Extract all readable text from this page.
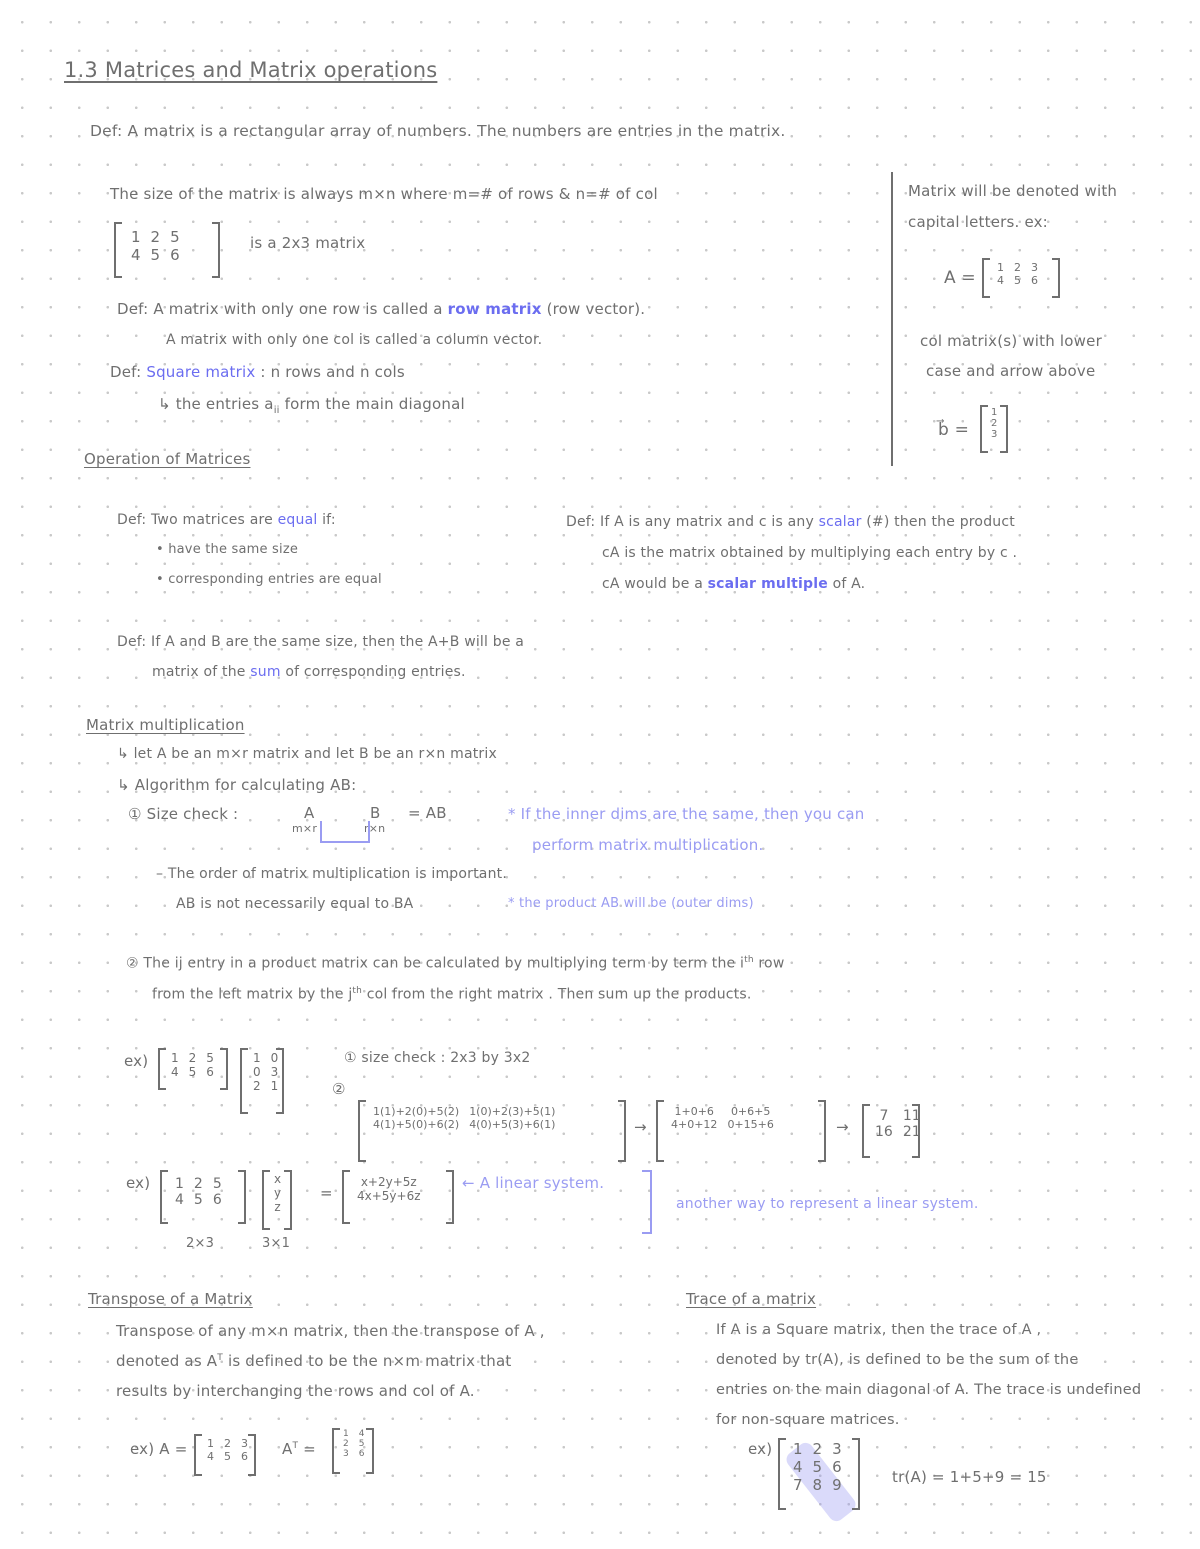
1.3 Matrices and Matrix operations
Def: A matrix is a rectangular array of numbers. The numbers are entries in the matrix.
The size of the matrix is always m×n where m=# of rows & n=# of col
1	2	5
4	5	6
is a 2x3 matrix
Def: A matrix with only one row is called a row matrix (row vector).
A matrix with only one col is called a column vector.
Def: Square matrix : n rows and n cols
↳ the entries $a_{ii}$ form the main diagonal
Matrix will be denoted with
capital letters. ex:
A =
1	2	3
4	5	6
col matrix(s) with lower
case and arrow above
b⃗ =
1
2
3
Operation of Matrices
Def: Two matrices are equal if:
• have the same size
• corresponding entries are equal
Def: If A is any matrix and c is any scalar (#) then the product
cA is the matrix obtained by multiplying each entry by c .
cA would be a scalar multiple of A.
Def: If A and B are the same size, then the A+B will be a
matrix of the sum of corresponding entries.
Matrix multiplication
↳ let A be an m×r matrix and let B be an r×n matrix
↳ Algorithm for calculating AB:
① Size check :	A	B = AB
m×r	r×n
* If the inner dims are the same, then you can
perform matrix multiplication.
– The order of matrix multiplication is important.
AB is not necessarily equal to BA	* the product AB will be (outer dims)
② The ij entry in a product matrix can be calculated by multiplying term by term the $i^{th}$ row
from the left matrix by the $j^{th}$ col from the right matrix . Then sum up the products.
ex) 1	2	5
4	5	6
1	0
0	3
2	1
① size check : 2x3 by 3x2
②
1(1)+2(0)+5(2)	1(0)+2(3)+5(1)
4(1)+5(0)+6(2)	4(0)+5(3)+6(1)	→
1+0+6	0+6+5
4+0+12	0+15+6	→
7	11
16	21
ex) 1	2	5
4	5	6
x
y
z
2×3	3×1
=
x+2y+5z
4x+5y+6z
← A linear system.
another way to represent a linear system.
Transpose of a Matrix
Transpose of any m×n matrix, then the transpose of A ,
denoted as $A^T$ is defined to be the n×m matrix that
results by interchanging the rows and col of A.
ex) A = 1	2	3
4	5	6 $A^T$ =
1	4
2	5
3	6
Trace of a matrix
If A is a Square matrix, then the trace of A ,
denoted by tr(A), is defined to be the sum of the
entries on the main diagonal of A. The trace is undefined
for non-square matrices.
ex) 1	2	3
4	5	6
7	8	9	tr(A) = 1+5+9 = 15
